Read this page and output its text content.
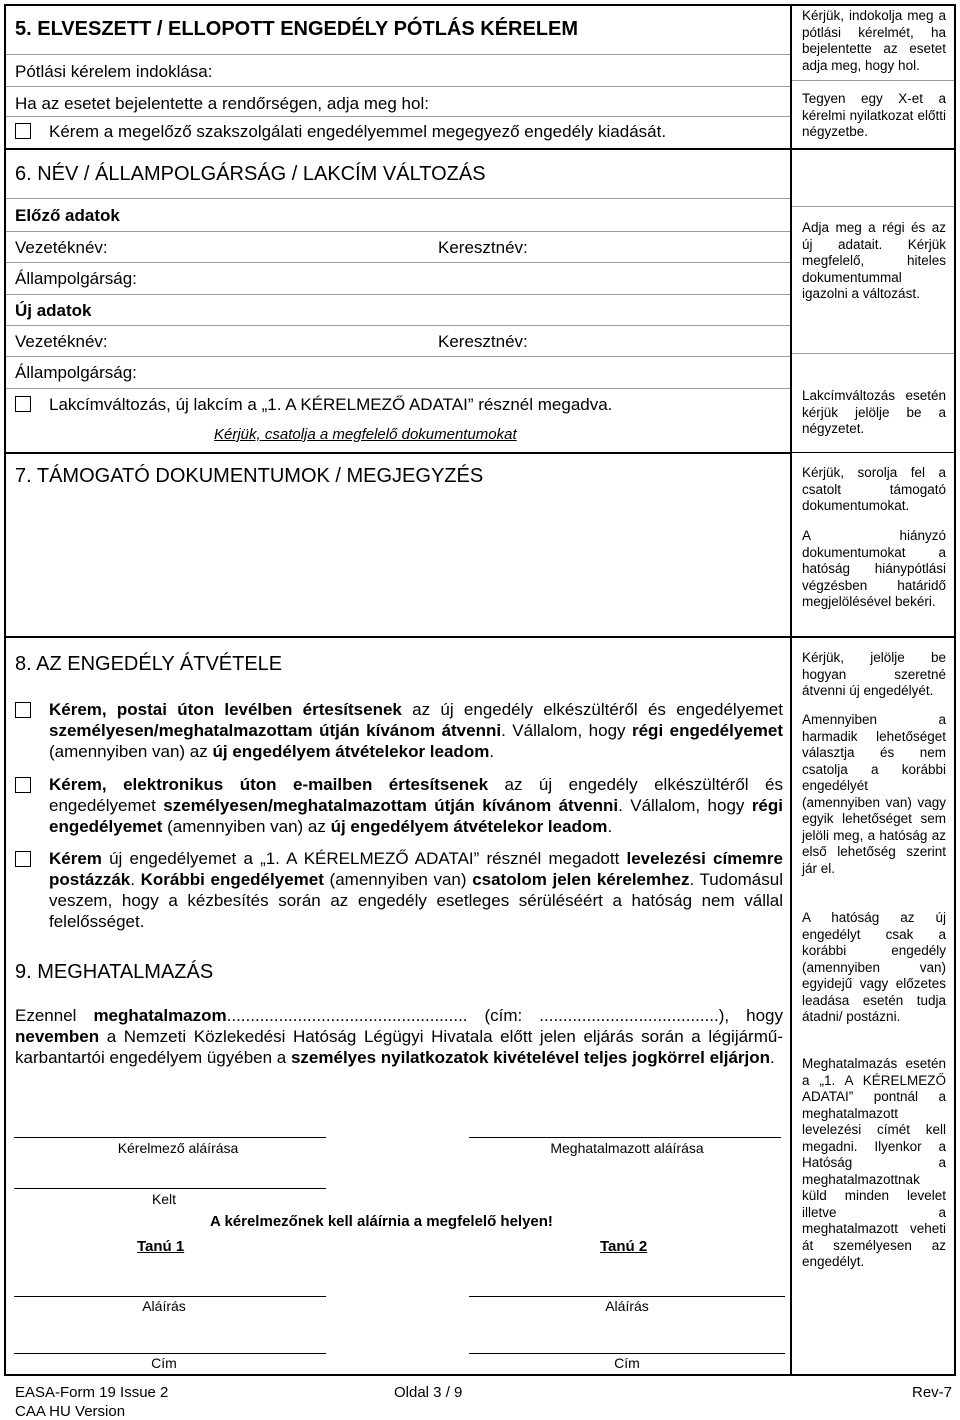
5. ELVESZETT / ELLOPOTT ENGEDÉLY PÓTLÁS KÉRELEM
Pótlási kérelem indoklása:
Ha az esetet bejelentette a rendőrségen, adja meg hol:
Kérem a megelőző szakszolgálati engedélyemmel megegyező engedély kiadását.
Kérjük, indokolja meg a pótlási kérelmét, ha bejelentette az esetet adja meg, hogy hol.
Tegyen egy X-et a kérelmi nyilatkozat előtti négyzetbe.
6. NÉV / ÁLLAMPOLGÁRSÁG / LAKCÍM VÁLTOZÁS
Előző adatok
Vezetéknév:	Keresztnév:
Állampolgárság:
Új adatok
Vezetéknév:	Keresztnév:
Állampolgárság:
Lakcímváltozás, új lakcím a „1. A KÉRELMEZŐ ADATAI” résznél megadva.
Kérjük, csatolja a megfelelő dokumentumokat
Adja meg a régi és az új adatait. Kérjük megfelelő, hiteles dokumentummal igazolni a változást.
Lakcímváltozás esetén kérjük jelölje be a négyzetet.
7. TÁMOGATÓ DOKUMENTUMOK / MEGJEGYZÉS	Kérjük, sorolja fel a csatolt támogató dokumentumokat.
A hiányzó dokumentumokat a hatóság hiánypótlási végzésben határidő megjelölésével bekéri.
8. AZ ENGEDÉLY ÁTVÉTELE
Kérem, postai úton levélben értesítsenek az új engedély elkészültéről és engedélyemet személyesen/meghatalmazottam útján kívánom átvenni. Vállalom, hogy régi engedélyemet (amennyiben van) az új engedélyem átvételekor leadom.
Kérem, elektronikus úton e-mailben értesítsenek az új engedély elkészültéről és engedélyemet személyesen/meghatalmazottam útján kívánom átvenni. Vállalom, hogy régi engedélyemet (amennyiben van) az új engedélyem átvételekor leadom.
Kérem új engedélyemet a „1. A KÉRELMEZŐ ADATAI” résznél megadott levelezési címemre postázzák. Korábbi engedélyemet (amennyiben van) csatolom jelen kérelemhez. Tudomásul veszem, hogy a kézbesítés során az engedély esetleges sérüléséért a hatóság nem vállal felelősséget.
Kérjük, jelölje be hogyan szeretné átvenni új engedélyét.
Amennyiben a harmadik lehetőséget választja és nem csatolja a korábbi engedélyét (amennyiben van) vagy egyik lehetőséget sem jelöli meg, a hatóság az első lehetőség szerint jár el.
A hatóság az új engedélyt csak a korábbi engedély (amennyiben van) egyidejű vagy előzetes leadása esetén tudja átadni/ postázni.
Meghatalmazás esetén a „1. A KÉRELMEZŐ ADATAI” pontnál a meghatalmazott levelezési címét kell megadni. Ilyenkor a Hatóság a meghatalmazottnak küld minden levelet illetve a meghatalmazott veheti át személyesen az engedélyt.
9. MEGHATALMAZÁS
Ezennel meghatalmazom................................................... (cím: ......................................), hogy nevemben a Nemzeti Közlekedési Hatóság Légügyi Hivatala előtt jelen eljárás során a légijármű-karbantartói engedélyem ügyében a személyes nyilatkozatok kivételével teljes jogkörrel eljárjon.
Kérelmező aláírása	Meghatalmazott aláírása
Kelt
A kérelmezőnek kell aláírnia a megfelelő helyen!
Tanú 1	Tanú 2
Aláírás	Aláírás
Cím	Cím
EASA-Form 19 Issue 2
CAA HU Version
Oldal 3 / 9	Rev-7
